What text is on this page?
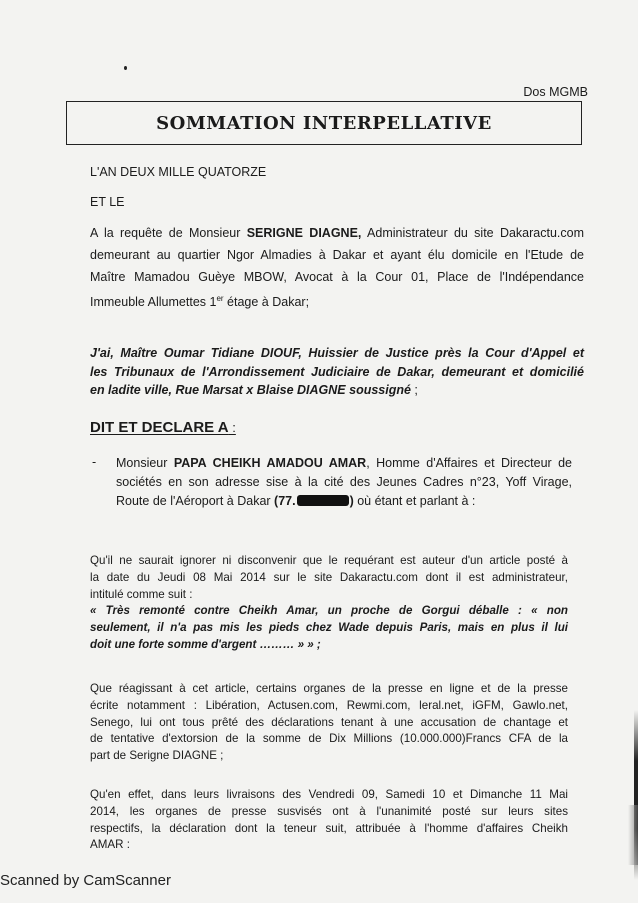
Dos MGMB
SOMMATION INTERPELLATIVE
L'AN DEUX MILLE QUATORZE
ET LE
A la requête de Monsieur SERIGNE DIAGNE, Administrateur du site Dakaractu.com
demeurant au quartier Ngor Almadies à Dakar et ayant élu domicile en l'Etude de
Maître Mamadou Guèye MBOW, Avocat à la Cour 01, Place de l'Indépendance
Immeuble Allumettes 1er étage à Dakar;
J'ai, Maître Oumar Tidiane DIOUF, Huissier de Justice près la Cour d'Appel et
les Tribunaux de l'Arrondissement Judiciaire de Dakar, demeurant et domicilié
en ladite ville, Rue Marsat x Blaise DIAGNE soussigné ;
DIT ET DECLARE A :
- Monsieur PAPA CHEIKH AMADOU AMAR, Homme d'Affaires et Directeur de
sociétés en son adresse sise à la cité des Jeunes Cadres n°23, Yoff Virage,
Route de l'Aéroport à Dakar (77.	) où étant et parlant à :
Qu'il ne saurait ignorer ni disconvenir que le requérant est auteur d'un article posté à
la date du Jeudi 08 Mai 2014 sur le site Dakaractu.com dont il est administrateur,
intitulé comme suit :
« Très remonté contre Cheikh Amar, un proche de Gorgui déballe : « non
seulement, il n'a pas mis les pieds chez Wade depuis Paris, mais en plus il lui
doit une forte somme d'argent ……… » » ;
Que réagissant à cet article, certains organes de la presse en ligne et de la presse
écrite notamment : Libération, Actusen.com, Rewmi.com, leral.net, iGFM, Gawlo.net,
Senego, lui ont tous prêté des déclarations tenant à une accusation de chantage et
de tentative d'extorsion de la somme de Dix Millions (10.000.000)Francs CFA de la
part de Serigne DIAGNE ;
Qu'en effet, dans leurs livraisons des Vendredi 09, Samedi 10 et Dimanche 11 Mai
2014, les organes de presse susvisés ont à l'unanimité posté sur leurs sites
respectifs, la déclaration dont la teneur suit, attribuée à l'homme d'affaires Cheikh
AMAR :
Scanned by CamScanner
